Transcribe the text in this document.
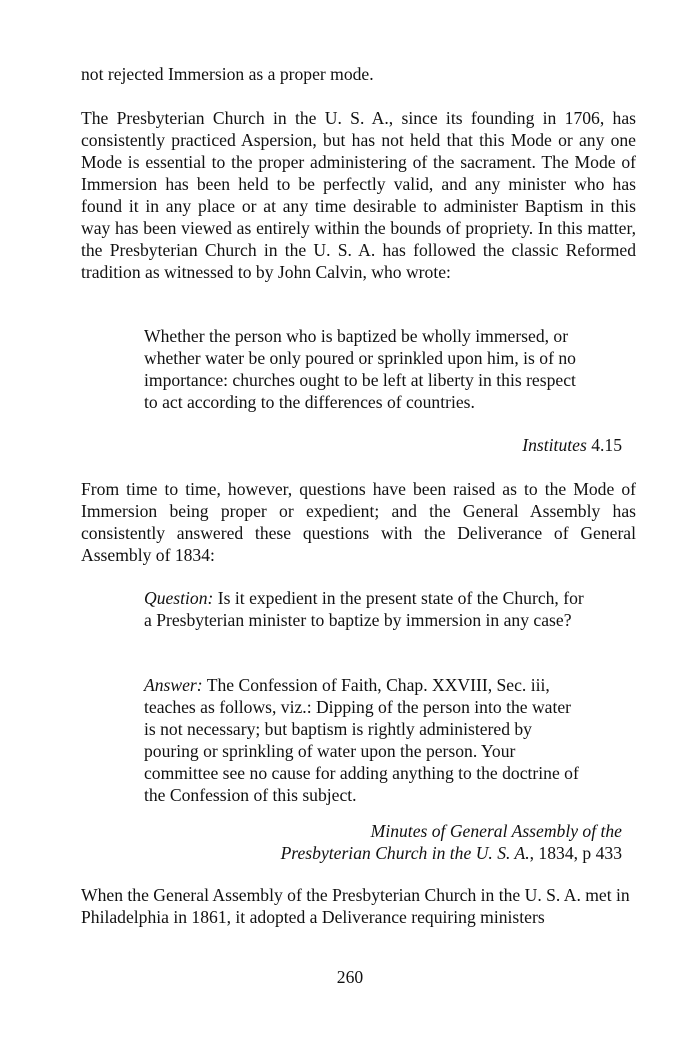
not rejected Immersion as a proper mode.

The Presbyterian Church in the U. S. A., since its founding in 1706, has consistently practiced Aspersion, but has not held that this Mode or any one Mode is essential to the proper administering of the sacrament. The Mode of Immersion has been held to be perfectly valid, and any minister who has found it in any place or at any time desirable to administer Baptism in this way has been viewed as entirely within the bounds of propriety. In this matter, the Presbyterian Church in the U. S. A. has followed the classic Reformed tradition as witnessed to by John Calvin, who wrote:

Whether the person who is baptized be wholly immersed, or whether water be only poured or sprinkled upon him, is of no importance: churches ought to be left at liberty in this respect to act according to the differences of countries.

Institutes 4.15

From time to time, however, questions have been raised as to the Mode of Immersion being proper or expedient; and the General Assembly has consistently answered these questions with the Deliverance of General Assembly of 1834:

Question: Is it expedient in the present state of the Church, for a Presbyterian minister to baptize by immersion in any case?

Answer: The Confession of Faith, Chap. XXVIII, Sec. iii, teaches as follows, viz.: Dipping of the person into the water is not necessary; but baptism is rightly administered by pouring or sprinkling of water upon the person. Your committee see no cause for adding anything to the doctrine of the Confession of this subject.

Minutes of General Assembly of the

Presbyterian Church in the U. S. A., 1834, p 433

When the General Assembly of the Presbyterian Church in the U. S. A. met in Philadelphia in 1861, it adopted a Deliverance requiring ministers

260
